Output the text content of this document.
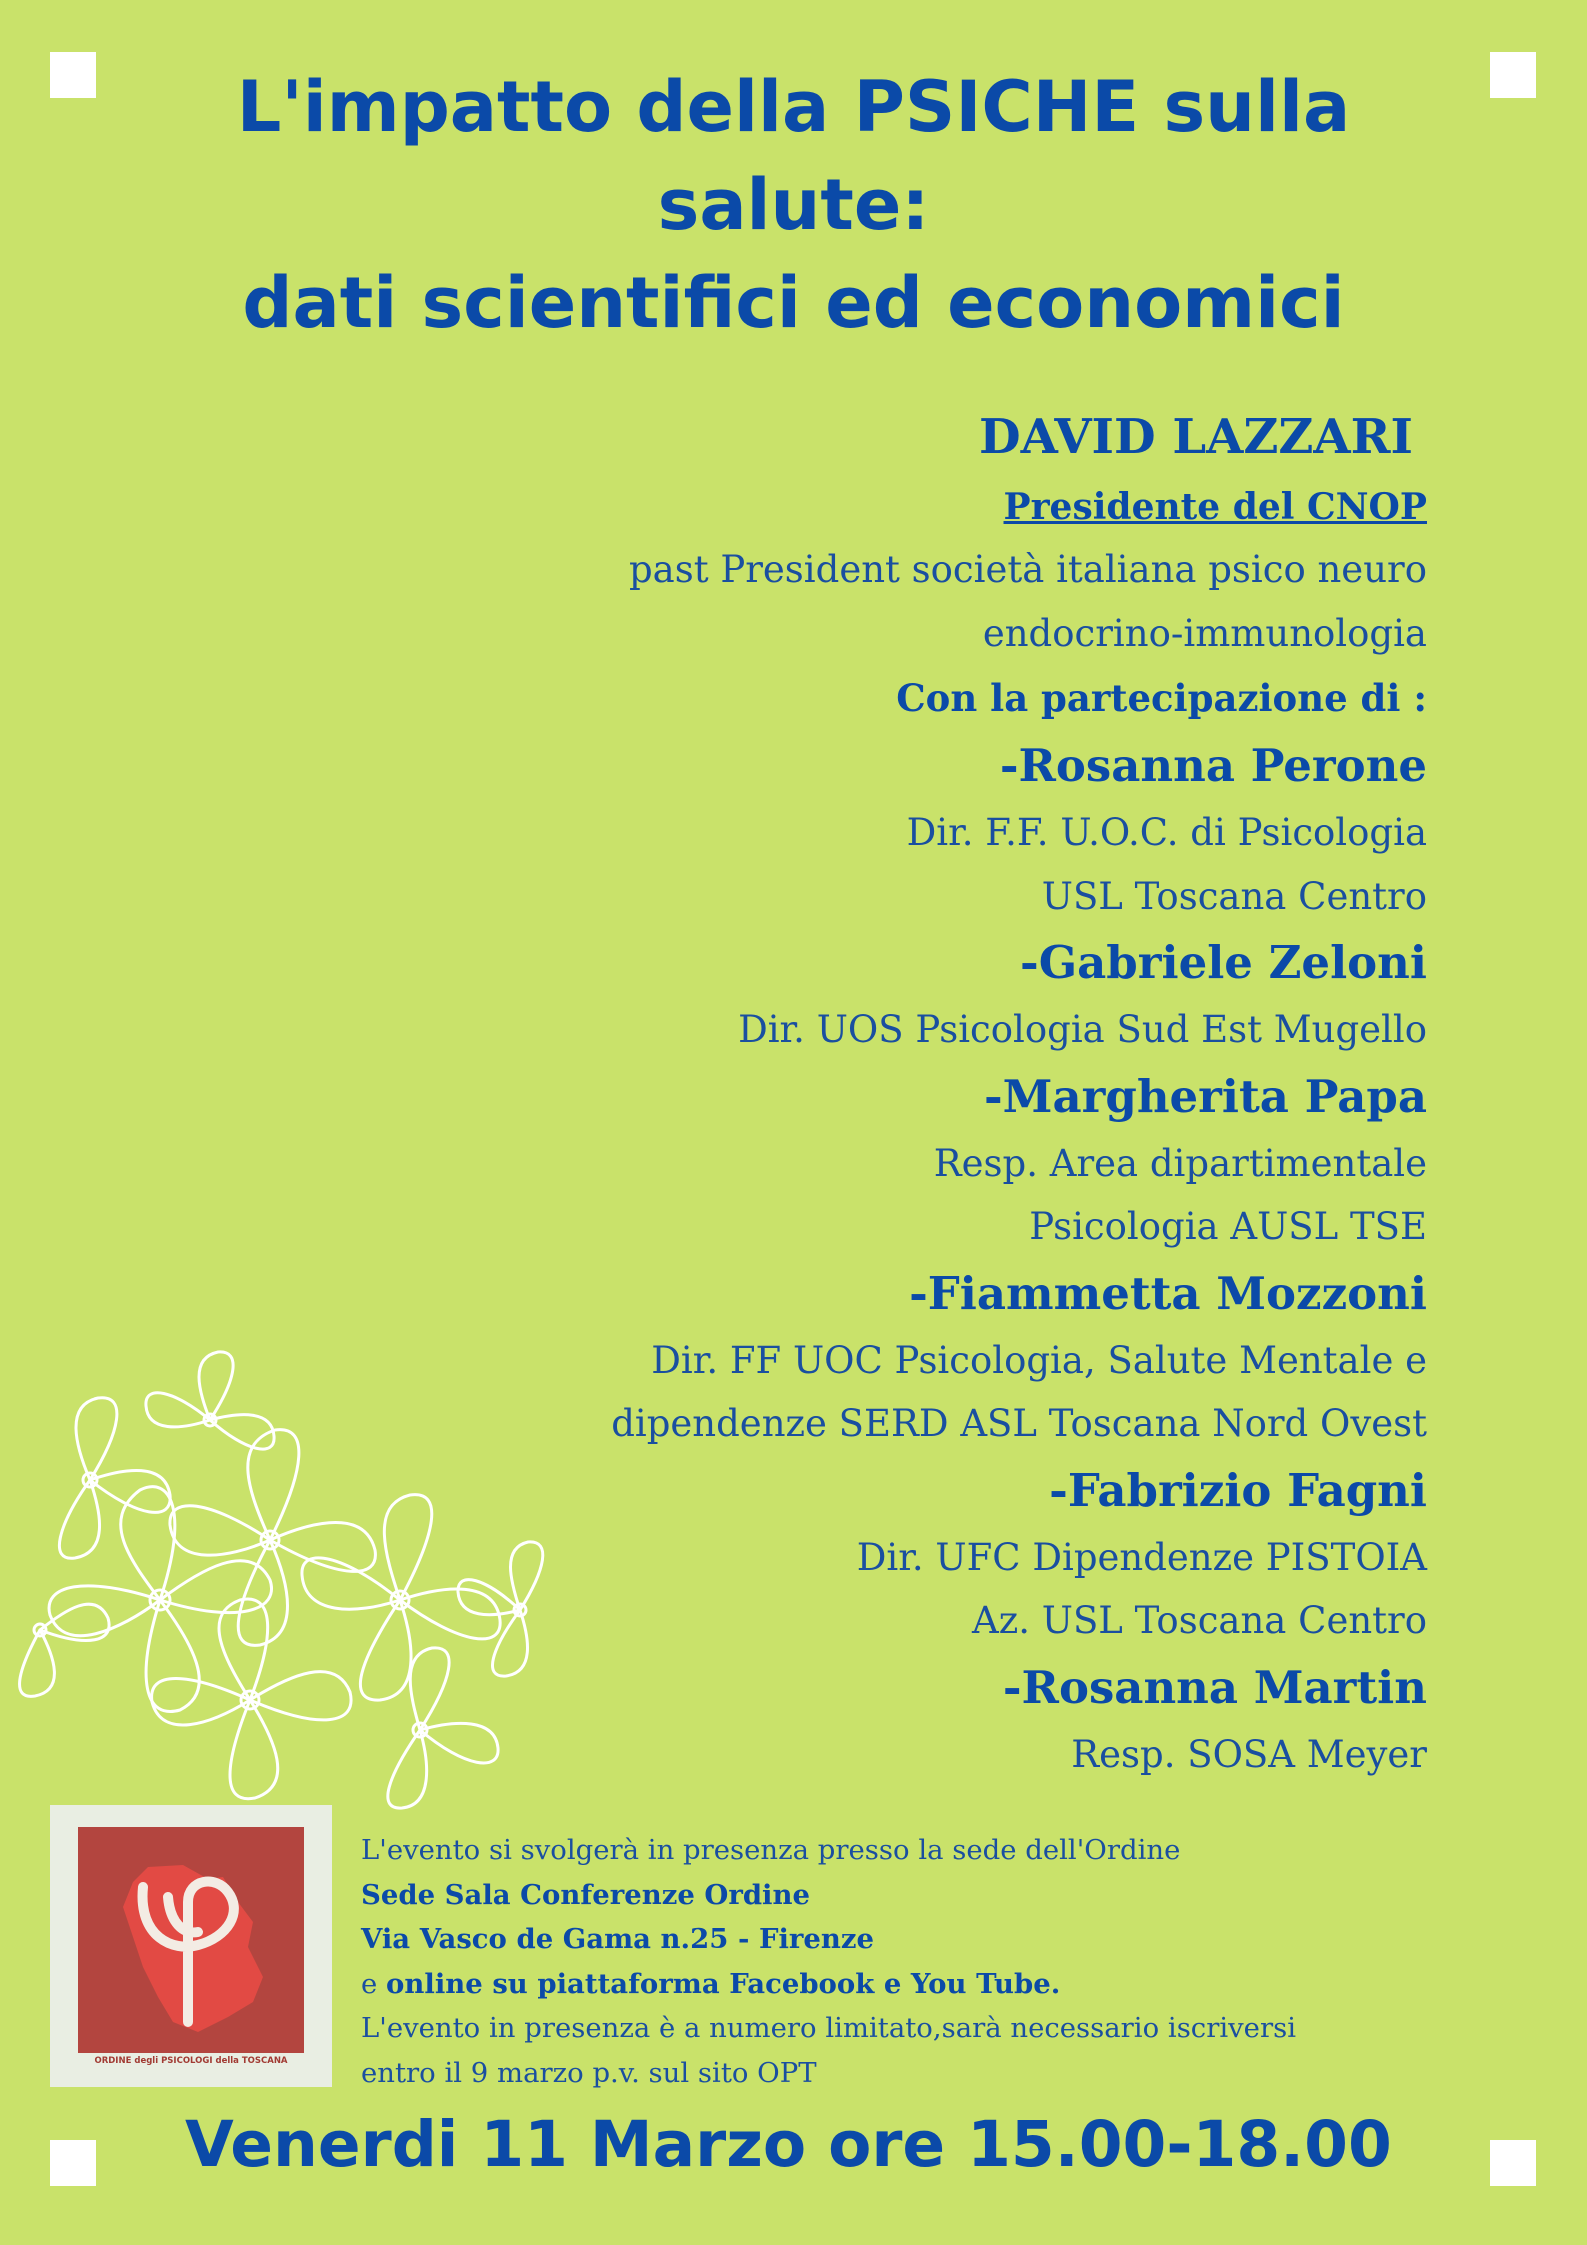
L'impatto della PSICHE sulla
salute:
dati scientifici ed economici
DAVID LAZZARI
Presidente del CNOP
past President società italiana psico neuro
endocrino-immunologia
Con la partecipazione di :
-Rosanna Perone
Dir. F.F. U.O.C. di Psicologia
USL Toscana Centro
-Gabriele Zeloni
Dir. UOS Psicologia Sud Est Mugello
-Margherita Papa
Resp. Area dipartimentale
Psicologia AUSL TSE
-Fiammetta Mozzoni
Dir. FF UOC Psicologia, Salute Mentale e
dipendenze SERD ASL Toscana Nord Ovest
-Fabrizio Fagni
Dir. UFC Dipendenze PISTOIA
Az. USL Toscana Centro
-Rosanna Martin
Resp. SOSA Meyer
ORDINE degli PSICOLOGI della TOSCANA
L'evento si svolgerà in presenza presso la sede dell'Ordine
Sede Sala Conferenze Ordine
Via Vasco de Gama n.25 - Firenze
e online su piattaforma Facebook e You Tube.
L'evento in presenza è a numero limitato,sarà necessario iscriversi
entro il 9 marzo p.v. sul sito OPT
Venerdi 11 Marzo ore 15.00-18.00
